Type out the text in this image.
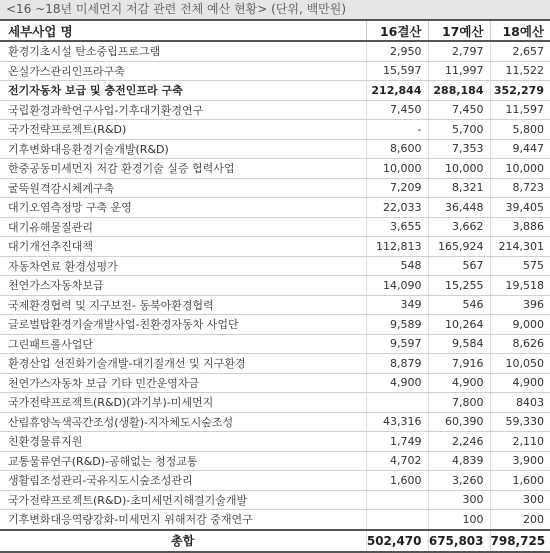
<16 ~18년 미세먼지 저감 관련 전체 예산 현황> (단위, 백만원)
세부사업 명	16결산	17예산	18예산
환경기초시설 탄소중립프로그램	2,950	2,797	2,657
온실가스관리인프라구축	15,597	11,997	11,522
전기자동차 보급 및 충전인프라 구축	212,844	288,184	352,279
국립환경과학연구사업-기후대기환경연구	7,450	7,450	11,597
국가전략프로젝트(R&D)	-	5,700	5,800
기후변화대응환경기술개발(R&D)	8,600	7,353	9,447
한중공동미세먼지 저감 환경기술 실증 협력사업	10,000	10,000	10,000
굴뚝원격감시체계구축	7,209	8,321	8,723
대기오염측정망 구축 운영	22,033	36,448	39,405
대기유해물질관리	3,655	3,662	3,886
대기개선추진대책	112,813	165,924	214,301
자동차연료 환경성평가	548	567	575
천연가스자동차보급	14,090	15,255	19,518
국제환경협력 및 지구보전- 동북아환경협력	349	546	396
글로벌탑환경기술개발사업-친환경자동차 사업단	9,589	10,264	9,000
그린패트롤사업단	9,597	9,584	8,626
환경산업 선진화기술개발-대기질개선 및 지구환경	8,879	7,916	10,050
천연가스자동차 보급 기타 민간운영자금	4,900	4,900	4,900
국가전략프로젝트(R&D)(과기부)-미세먼지		7,800	8403
산림휴양녹색곡간조성(생활)-지자체도시숲조성	43,316	60,390	59,330
친환경물류지원	1,749	2,246	2,110
교통물류연구(R&D)-공해없는 청정교통	4,702	4,839	3,900
생활림조성관리-국유지도시숲조성관리	1,600	3,260	1,600
국가전략프로젝트(R&D)-초미세먼지해결기술개발		300	300
기후변화대응역량강화-미세먼지 위해저감 중재연구		100	200
총합	502,470	675,803	798,725
